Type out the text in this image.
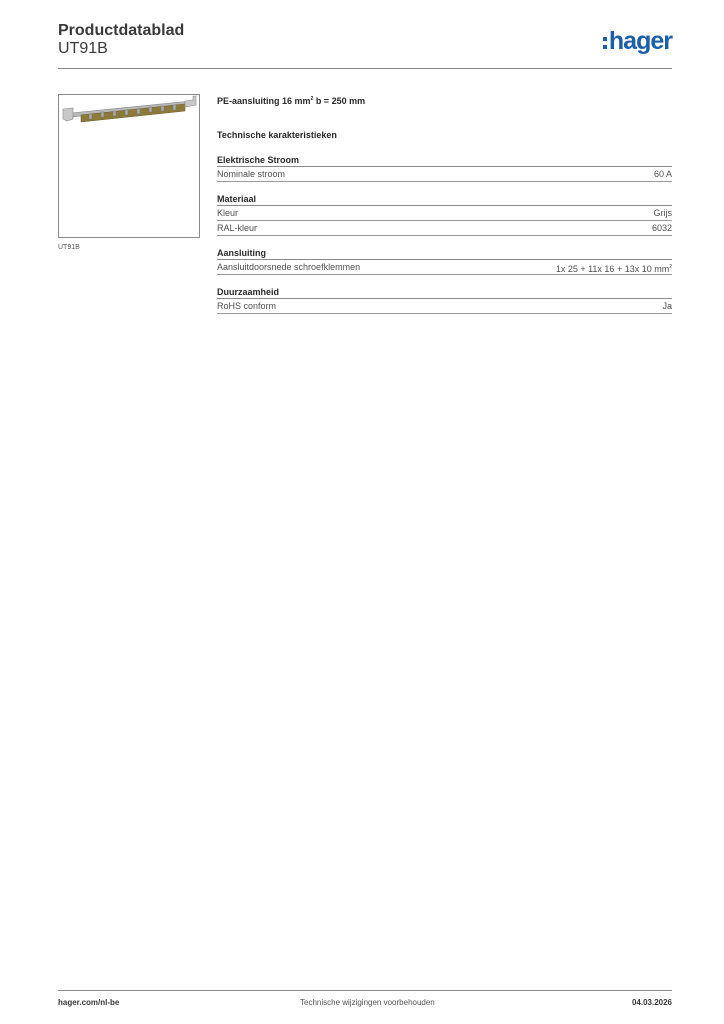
Productdatablad
UT91B	hager
UT91B
PE-aansluiting 16 $mm^2$ b = 250 mm
Technische karakteristieken
Elektrische Stroom
Nominale stroom	60 A
Materiaal
Kleur	Grijs
RAL-kleur	6032
Aansluiting
Aansluitdoorsnede schroefklemmen	1x 25 + 11x 16 + 13x 10 $mm^2$
Duurzaamheid
RoHS conform	Ja
hager.com/nl-be	Technische wijzigingen voorbehouden	04.03.2026
